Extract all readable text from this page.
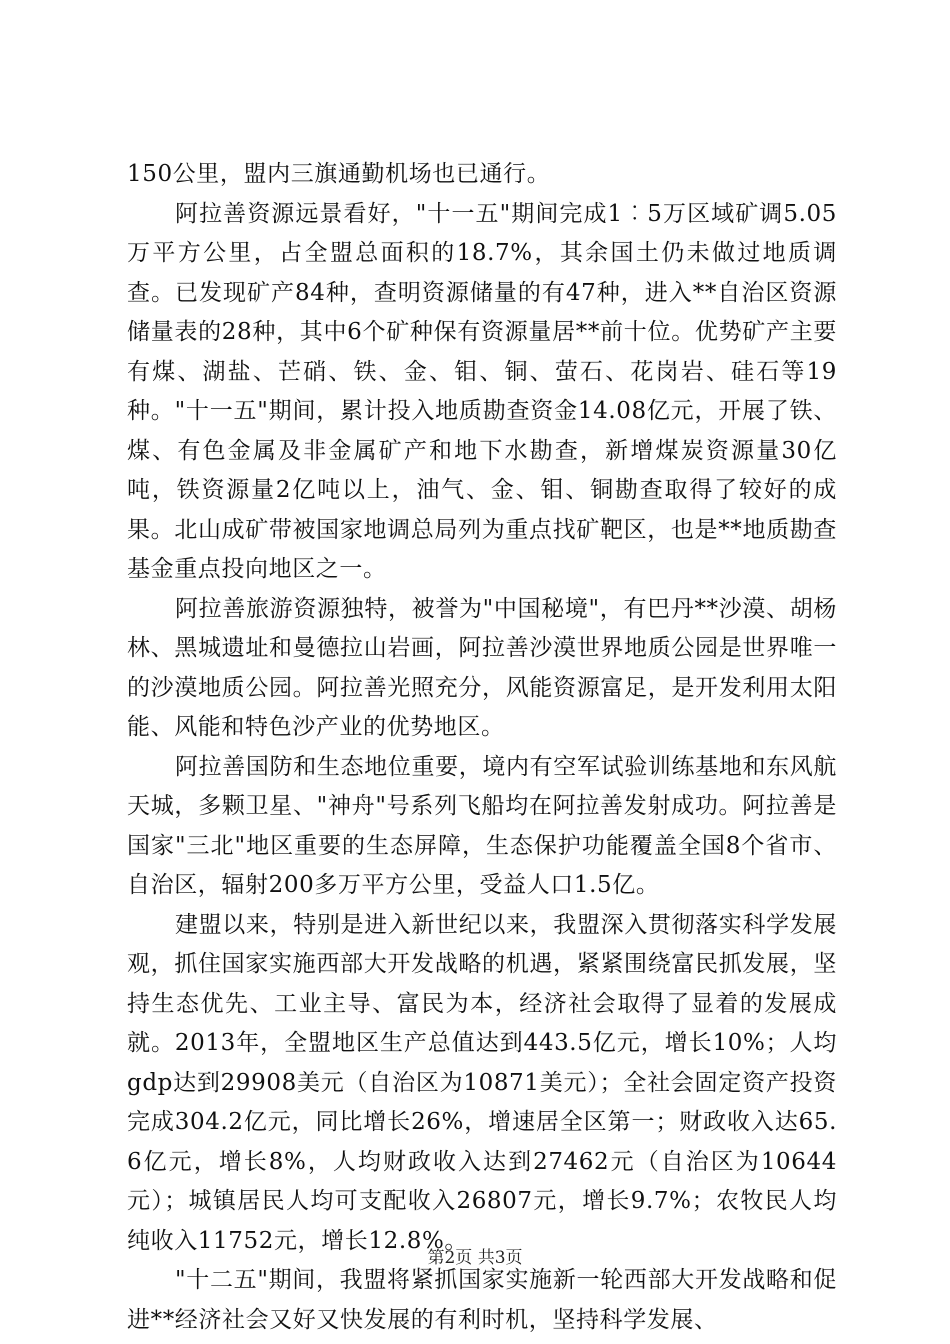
150公里，盟内三旗通勤机场也已通行。

阿拉善资源远景看好，"十一五"期间完成1︰5万区域矿调5.05万平方公里，占全盟总面积的18.7%，其余国土仍未做过地质调查。已发现矿产84种，查明资源储量的有47种，进入**自治区资源储量表的28种，其中6个矿种保有资源量居**前十位。优势矿产主要有煤、湖盐、芒硝、铁、金、钼、铜、萤石、花岗岩、硅石等19种。"十一五"期间，累计投入地质勘查资金14.08亿元，开展了铁、煤、有色金属及非金属矿产和地下水勘查，新增煤炭资源量30亿吨，铁资源量2亿吨以上，油气、金、钼、铜勘查取得了较好的成果。北山成矿带被国家地调总局列为重点找矿靶区，也是**地质勘查基金重点投向地区之一。

阿拉善旅游资源独特，被誉为"中国秘境"，有巴丹**沙漠、胡杨林、黑城遗址和曼德拉山岩画，阿拉善沙漠世界地质公园是世界唯一的沙漠地质公园。阿拉善光照充分，风能资源富足，是开发利用太阳能、风能和特色沙产业的优势地区。

阿拉善国防和生态地位重要，境内有空军试验训练基地和东风航天城，多颗卫星、"神舟"号系列飞船均在阿拉善发射成功。阿拉善是国家"三北"地区重要的生态屏障，生态保护功能覆盖全国8个省市、自治区，辐射200多万平方公里，受益人口1.5亿。

建盟以来，特别是进入新世纪以来，我盟深入贯彻落实科学发展观，抓住国家实施西部大开发战略的机遇，紧紧围绕富民抓发展，坚持生态优先、工业主导、富民为本，经济社会取得了显着的发展成就。2013年，全盟地区生产总值达到443.5亿元，增长10%；人均gdp达到29908美元（自治区为10871美元）；全社会固定资产投资完成304.2亿元，同比增长26%，增速居全区第一；财政收入达65.6亿元，增长8%，人均财政收入达到27462元（自治区为10644元）；城镇居民人均可支配收入26807元，增长9.7%；农牧民人均纯收入11752元，增长12.8%。

"十二五"期间，我盟将紧抓国家实施新一轮西部大开发战略和促进**经济社会又好又快发展的有利时机，坚持科学发展、

第2页 共3页
